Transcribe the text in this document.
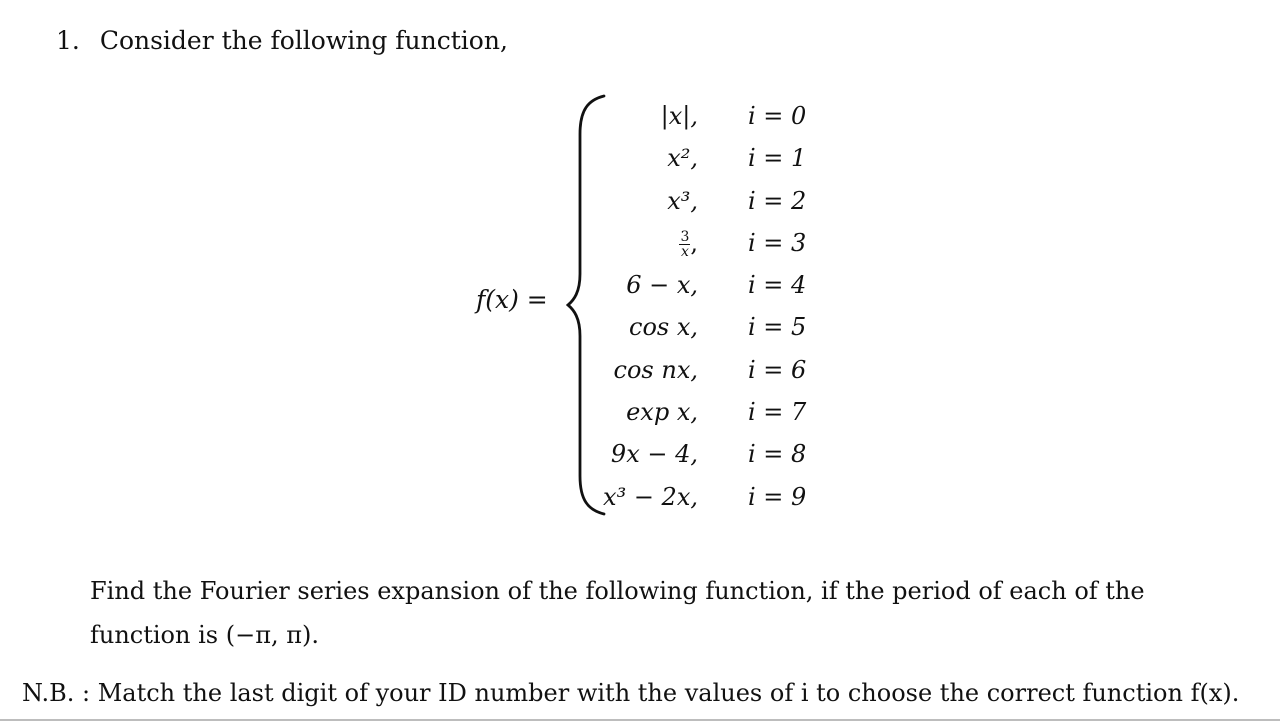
1. Consider the following function,
f(x) =
|x|, i = 0
x², i = 1
x³, i = 2
$\frac{3}{x}$ , i = 3
6 − x, i = 4
cos x, i = 5
cos nx, i = 6
exp x, i = 7
9x − 4, i = 8
x³ − 2x, i = 9

Find the Fourier series expansion of the following function, if the period of each of the function is (−π, π).

N.B. : Match the last digit of your ID number with the values of i to choose the correct function f(x).
